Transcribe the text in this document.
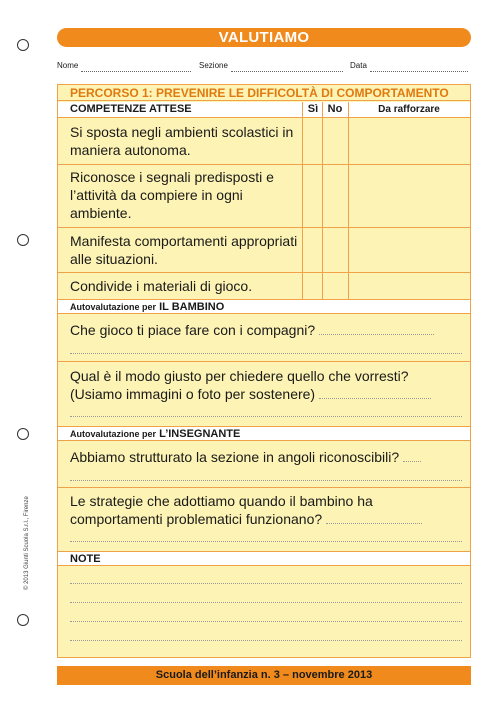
VALUTIAMO
Nome	Sezione	Data
PERCORSO 1: PREVENIRE LE DIFFICOLTÀ DI COMPORTAMENTO
COMPETENZE ATTESE	Sì No	Da rafforzare
Si sposta negli ambienti scolastici in maniera autonoma.
Riconosce i segnali predisposti e l’attività da compiere in ogni ambiente.
Manifesta comportamenti appropriati alle situazioni.
Condivide i materiali di gioco.
Autovalutazione per IL BAMBINO
Che gioco ti piace fare con i compagni?
Qual è il modo giusto per chiedere quello che vorresti? (Usiamo immagini o foto per sostenere)
Autovalutazione per L’INSEGNANTE
Abbiamo strutturato la sezione in angoli riconoscibili?
Le strategie che adottiamo quando il bambino ha comportamenti problematici funzionano?
NOTE
Scuola dell’infanzia n. 3 – novembre 2013
© 2013 Giunti Scuola S.r.l., Firenze
